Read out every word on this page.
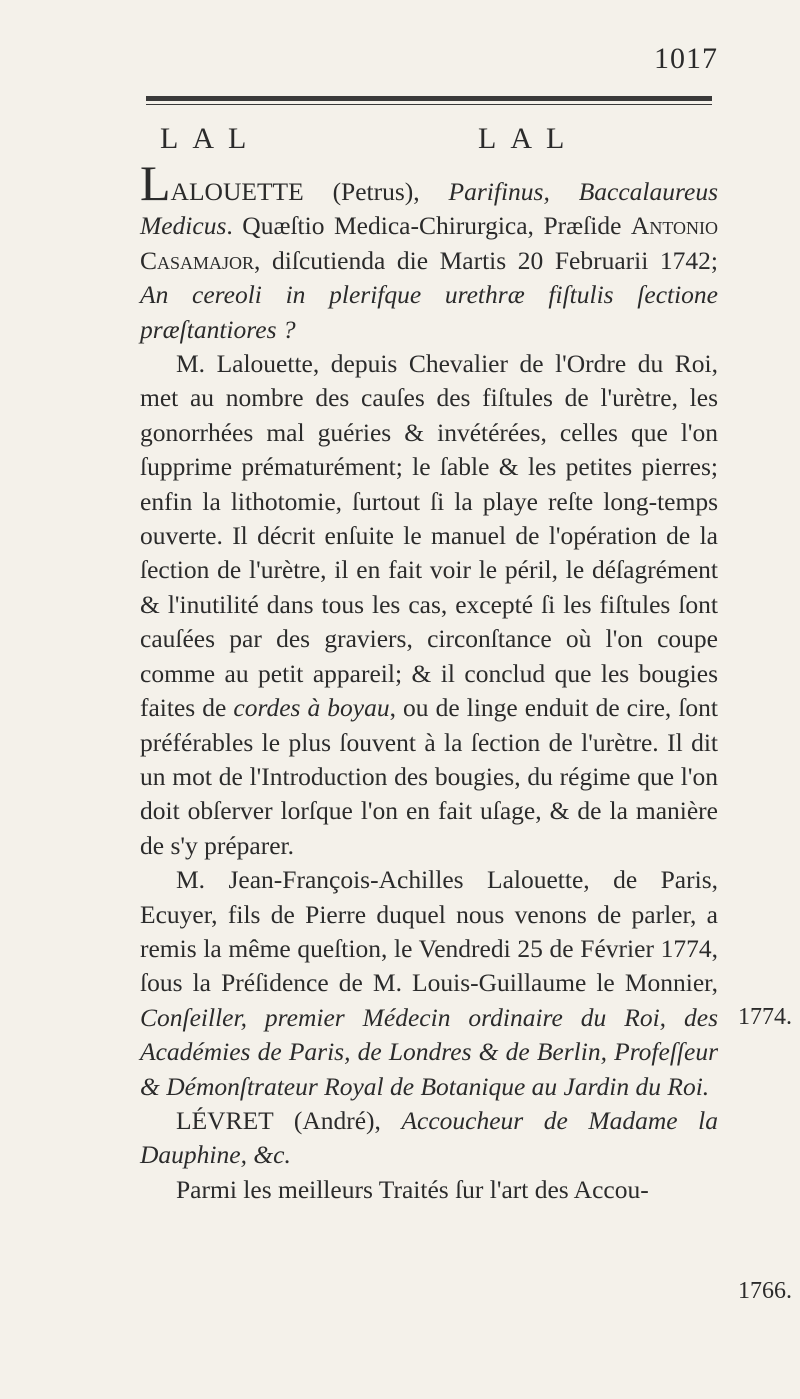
1017
LAL	LAL

LALOUETTE (Petrus), Parifinus, Baccalaureus Medicus. Quæſtio Medica-Chirurgica, Præſide Antonio Casamajor, diſcutienda die Martis 20 Februarii 1742; An cereoli in plerifque urethræ fiſtulis ſectione præſtantiores ?

M. Lalouette, depuis Chevalier de l'Ordre du Roi, met au nombre des cauſes des fiſtules de l'urètre, les gonorrhées mal guéries & invétérées, celles que l'on ſupprime prématurément; le ſable & les petites pierres; enfin la lithotomie, ſurtout ſi la playe reſte long-temps ouverte. Il décrit enſuite le manuel de l'opération de la ſection de l'urètre, il en fait voir le péril, le déſagrément & l'inutilité dans tous les cas, excepté ſi les fiſtules ſont cauſées par des graviers, circonſtance où l'on coupe comme au petit appareil; & il conclud que les bougies faites de cordes à boyau, ou de linge enduit de cire, ſont préférables le plus ſouvent à la ſection de l'urètre. Il dit un mot de l'Introduction des bougies, du régime que l'on doit obſerver lorſque l'on en fait uſage, & de la manière de s'y préparer.

M. Jean-François-Achilles Lalouette, de Paris, Ecuyer, fils de Pierre duquel nous venons de parler, a remis la même queſtion, le Vendredi 25 de Février 1774, ſous la Préſidence de M. Louis-Guillaume le Monnier, Conſeiller, premier Médecin ordinaire du Roi, des Académies de Paris, de Londres & de Berlin, Profeſſeur & Démonſtrateur Royal de Botanique au Jardin du Roi.

LÉVRET (André), Accoucheur de Madame la Dauphine, &c.

Parmi les meilleurs Traités ſur l'art des Accou-

1774.
1766.
